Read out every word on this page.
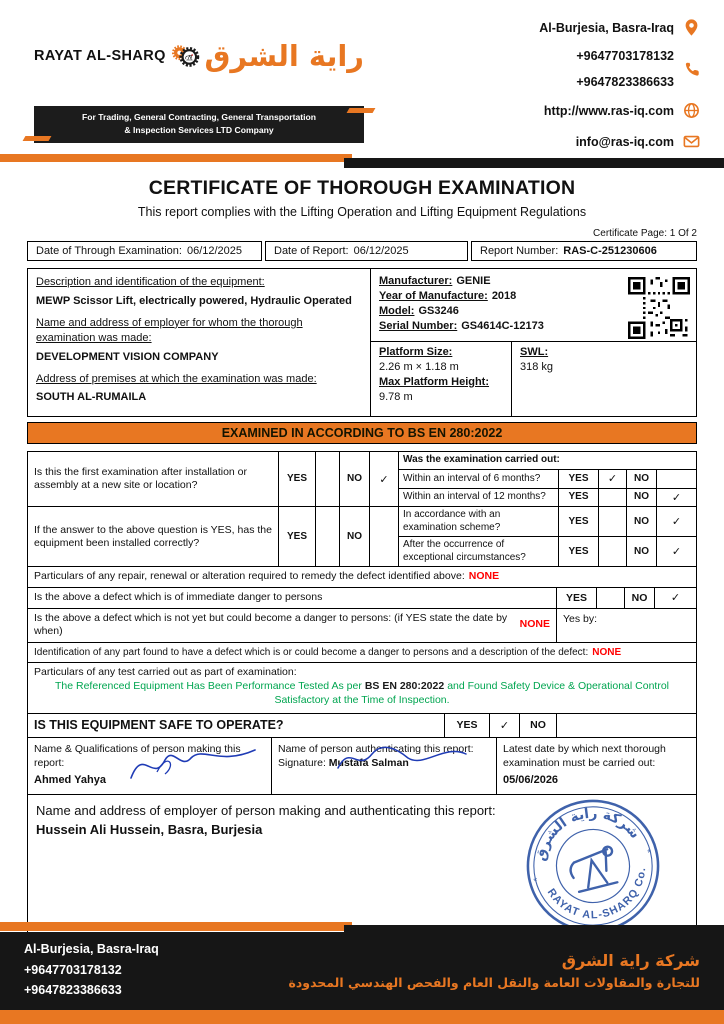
RAYAT AL-SHARQ راية الشرق
For Trading, General Contracting, General Transportation
& Inspection Services LTD Company
Al-Burjesia, Basra-Iraq
+9647703178132
+9647823386633
http://www.ras-iq.com
info@ras-iq.com
CERTIFICATE OF THOROUGH EXAMINATION
This report complies with the Lifting Operation and Lifting Equipment Regulations
Certificate Page: 1 Of 2
Date of Through Examination: 06/12/2025	Date of Report: 06/12/2025	Report Number: RAS-C-251230606
Description and identification of the equipment:
MEWP Scissor Lift, electrically powered, Hydraulic Operated
Name and address of employer for whom the thorough examination was made:
DEVELOPMENT VISION COMPANY
Address of premises at which the examination was made:
SOUTH AL-RUMAILA
Manufacturer: GENIE
Year of Manufacture: 2018
Model: GS3246
Serial Number: GS4614C-12173
Platform Size:
2.26 m × 1.18 m
Max Platform Height:
9.78 m
SWL:
318 kg
EXAMINED IN ACCORDING TO BS EN 280:2022
Is this the first examination after installation or assembly at a new site or location?
YES	NO	✓
Was the examination carried out:
Within an interval of 6 months?	YES	✓	NO
Within an interval of 12 months?	YES	NO	✓
If the answer to the above question is YES, has the equipment been installed correctly?
YES	NO
In accordance with an examination scheme?
YES	NO	✓
After the occurrence of exceptional circumstances?
YES	NO	✓
Particulars of any repair, renewal or alteration required to remedy the defect identified above: NONE
Is the above a defect which is of immediate danger to persons	YES	NO	✓
Is the above a defect which is not yet but could become a danger to persons: (if YES state the date by when)
NONE	Yes by:
Identification of any part found to have a defect which is or could become a danger to persons and a description of the defect: NONE
Particulars of any test carried out as part of examination:
The Referenced Equipment Has Been Performance Tested As per BS EN 280:2022 and Found Safety Device & Operational Control Satisfactory at the Time of Inspection.
IS THIS EQUIPMENT SAFE TO OPERATE?	YES	✓	NO
Name & Qualifications of person making this report:
Ahmed Yahya
Name of person authenticating this report:
Signature: Mustafa Salman
Latest date by which next thorough examination must be carried out:
05/06/2026
Name and address of employer of person making and authenticating this report:
Hussein Ali Hussein, Basra, Burjesia
شركة راية الشرق
RAYAT AL-SHARQ Co.
*
*
Al-Burjesia, Basra-Iraq
+9647703178132
+9647823386633
شركة راية الشرق
للتجارة والمقاولات العامة والنقل العام والفحص الهندسي المحدودة
